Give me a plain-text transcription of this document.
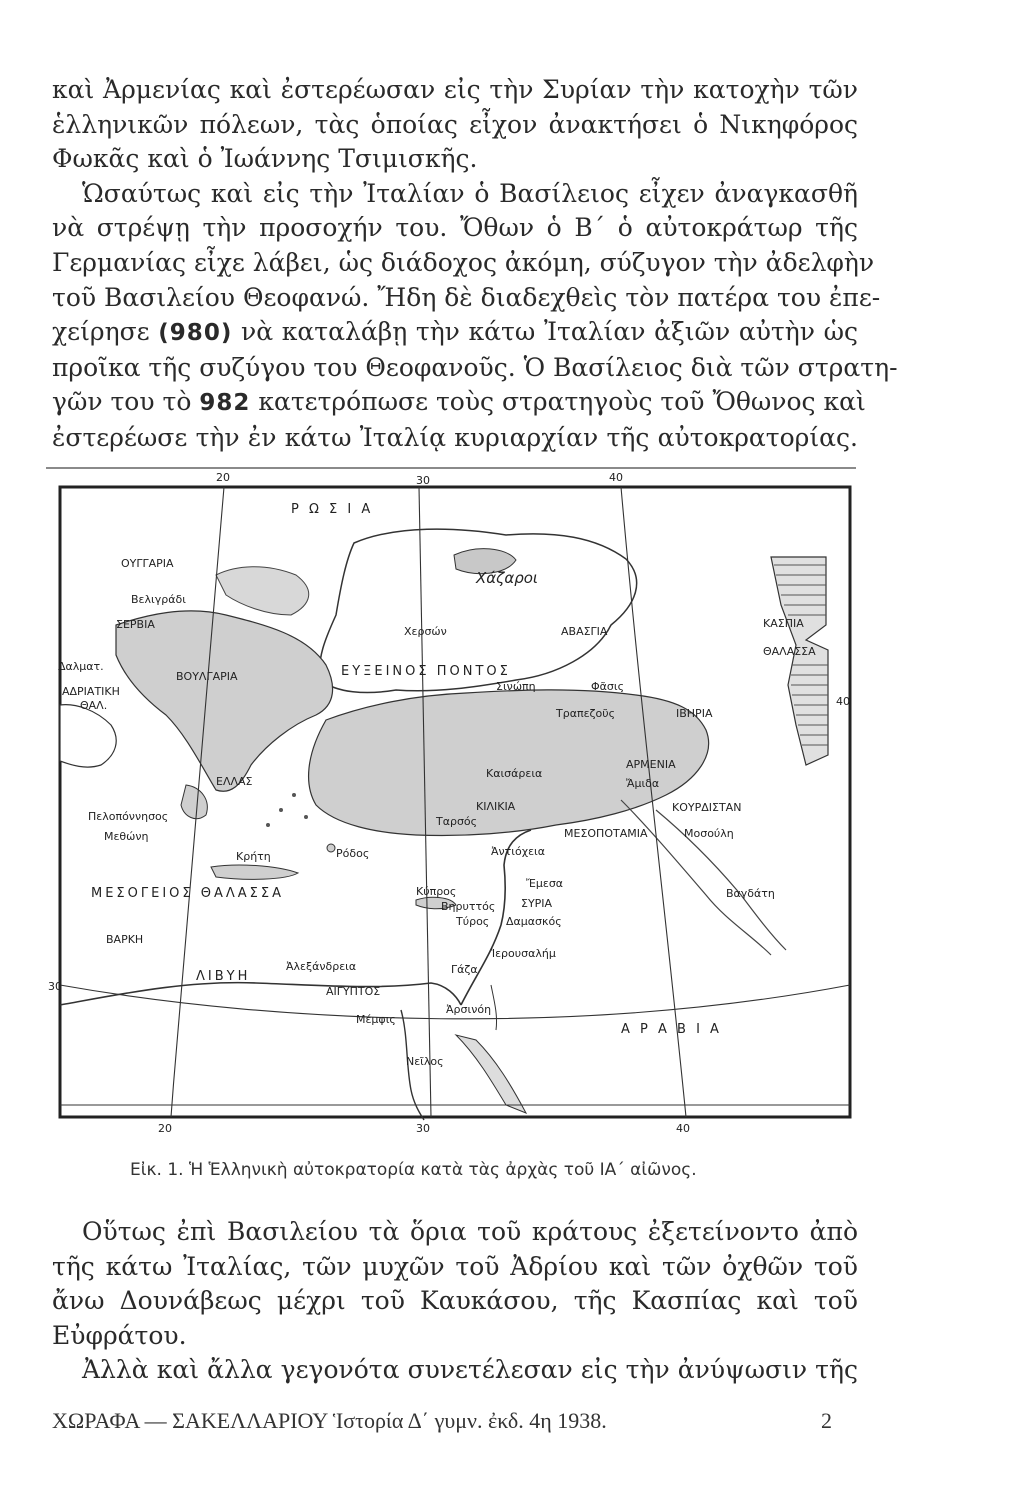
καὶ Ἀρμενίας καὶ ἐστερέωσαν εἰς τὴν Συρίαν τὴν κατοχὴν τῶν
ἑλληνικῶν πόλεων, τὰς ὁποίας εἶχον ἀνακτήσει ὁ Νικηφόρος
Φωκᾶς καὶ ὁ Ἰωάννης Τσιμισκῆς.
Ὡσαύτως καὶ εἰς τὴν Ἰταλίαν ὁ Βασίλειος εἶχεν ἀναγκασθῆ
νὰ στρέψῃ τὴν προσοχήν του. Ὄθων ὁ Β΄ ὁ αὐτοκράτωρ τῆς
Γερμανίας εἶχε λάβει, ὡς διάδοχος ἀκόμη, σύζυγον τὴν ἀδελφὴν
τοῦ Βασιλείου Θεοφανώ. Ἤδη δὲ διαδεχθεὶς τὸν πατέρα του ἐπε-
χείρησε (980) νὰ καταλάβῃ τὴν κάτω Ἰταλίαν ἀξιῶν αὐτὴν ὡς
προῖκα τῆς συζύγου του Θεοφανοῦς. Ὁ Βασίλειος διὰ τῶν στρατη-
γῶν του τὸ 982 κατετρόπωσε τοὺς στρατηγοὺς τοῦ Ὄθωνος καὶ
ἐστερέωσε τὴν ἐν κάτω Ἰταλίᾳ κυριαρχίαν τῆς αὐτοκρατορίας.
20	30	40
Ρ Ω Σ Ι Α
ΟΥΓΓΑΡΙΑ
Βελιγράδι
ΣΕΡΒΙΑ
Δαλματ.
ΑΔΡΙΑΤΙΚΗ
ΘΑΛ.
ΒΟΥΛΓΑΡΙΑ
Χάζαροι
Χερσών	ΑΒΑΣΓΙΑ
ΚΑΣΠΙΑ
ΘΑΛΑΣΣΑ
ΕΥΞΕΙΝΟΣ ΠΟΝΤΟΣ
Σινώπη	Φᾶσις
Τραπεζοῦς	ΙΒΗΡΙΑ
ΑΡΜΕΝΙΑ
ΕΛΛΑΣ
Πελοπόννησος
Μεθώνη
Κρήτη	Ρόδος
Καισάρεια
Ἄμιδα
ΚΟΥΡΔΙΣΤΑΝ
ΜΕΣΟΠΟΤΑΜΙΑ	Μοσούλη
ΚΙΛΙΚΙΑ
Ταρσός
Ἀντιόχεια
Κύπρος
ΜΕΣΟΓΕΙΟΣ ΘΑΛΑΣΣΑ
Ἔμεσα
ΣΥΡΙΑ
Βηρυττός
Τύρος Δαμασκός
Βαγδάτη
ΒΑΡΚΗ
ΛΙΒΥΗ
Ἀλεξάνδρεια
ΑΙΓΥΠΤΟΣ
Γάζα
Ἱερουσαλήμ
Ἀρσινόη
Μέμφις
Νεῖλος
Α Ρ Α Β Ι Α
30
40
20	30	40
Εἰκ. 1. Ἡ Ἑλληνικὴ αὐτοκρατορία κατὰ τὰς ἀρχὰς τοῦ ΙΑ΄ αἰῶνος.
Οὕτως ἐπὶ Βασιλείου τὰ ὅρια τοῦ κράτους ἐξετείνοντο ἀπὸ
τῆς κάτω Ἰταλίας, τῶν μυχῶν τοῦ Ἀδρίου καὶ τῶν ὀχθῶν τοῦ
ἄνω Δουνάβεως μέχρι τοῦ Καυκάσου, τῆς Κασπίας καὶ τοῦ
Εὐφράτου.
Ἀλλὰ καὶ ἄλλα γεγονότα συνετέλεσαν εἰς τὴν ἀνύψωσιν τῆς
ΧΩΡΑΦΑ — ΣΑΚΕΛΛΑΡΙΟΥ Ἱστορία Δ΄ γυμν. ἐκδ. 4η 1938.	2
